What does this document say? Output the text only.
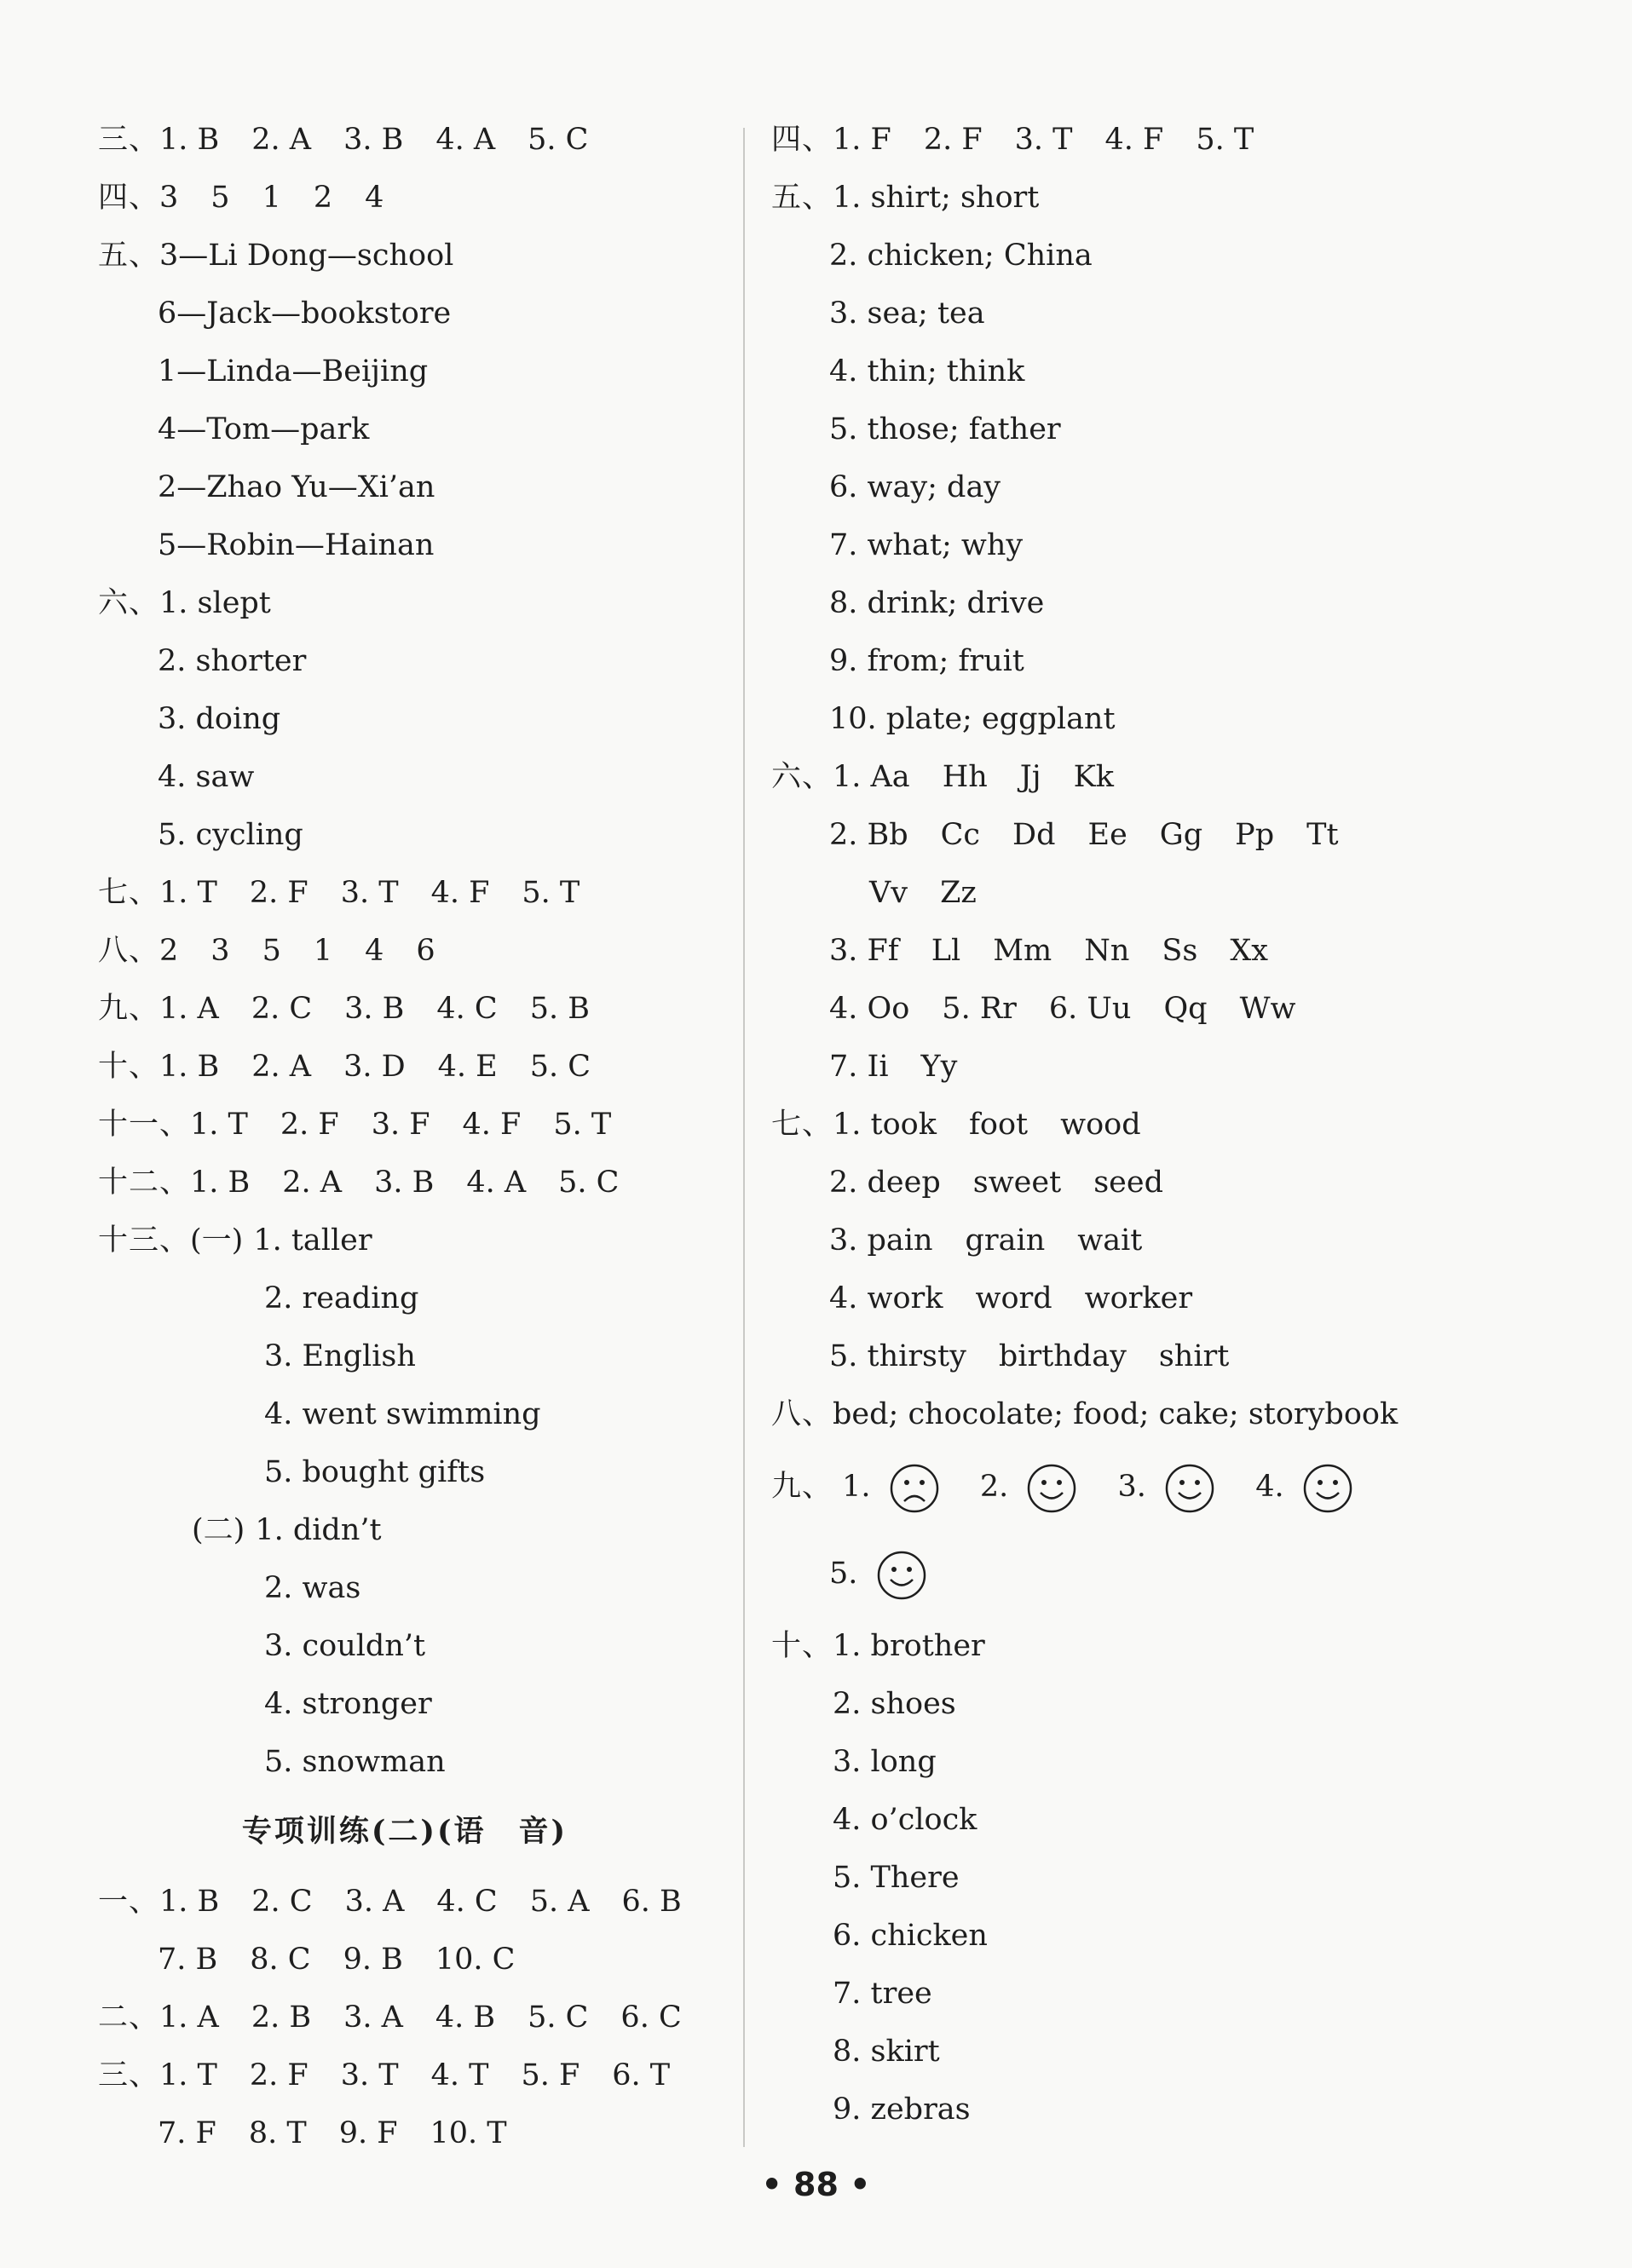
三、1. B 2. A 3. B 4. A 5. C
四、3 5 1 2 4
五、3—Li Dong—school
6—Jack—bookstore
1—Linda—Beijing
4—Tom—park
2—Zhao Yu—Xi’an
5—Robin—Hainan
六、1. slept
2. shorter
3. doing
4. saw
5. cycling
七、1. T 2. F 3. T 4. F 5. T
八、2 3 5 1 4 6
九、1. A 2. C 3. B 4. C 5. B
十、1. B 2. A 3. D 4. E 5. C
十一、1. T 2. F 3. F 4. F 5. T
十二、1. B 2. A 3. B 4. A 5. C
十三、(一) 1. taller
2. reading
3. English
4. went swimming
5. bought gifts
(二) 1. didn’t
2. was
3. couldn’t
4. stronger
5. snowman
专项训练(二)(语　音)
一、1. B 2. C 3. A 4. C 5. A 6. B
7. B 8. C 9. B 10. C
二、1. A 2. B 3. A 4. B 5. C 6. C
三、1. T 2. F 3. T 4. T 5. F 6. T
7. F 8. T 9. F 10. T
四、1. F 2. F 3. T 4. F 5. T
五、1. shirt; short
2. chicken; China
3. sea; tea
4. thin; think
5. those; father
6. way; day
7. what; why
8. drink; drive
9. from; fruit
10. plate; eggplant
六、1. Aa Hh Jj Kk
2. Bb Cc Dd Ee Gg Pp Tt
Vv Zz
3. Ff Ll Mm Nn Ss Xx
4. Oo 5. Rr 6. Uu Qq Ww
7. Ii Yy
七、1. took foot wood
2. deep sweet seed
3. pain grain wait
4. work word worker
5. thirsty birthday shirt
八、bed; chocolate; food; cake; storybook
九、 1.	2.	3.	4.
5.
十、1. brother
2. shoes
3. long
4. o’clock
5. There
6. chicken
7. tree
8. skirt
9. zebras
• 88 •
